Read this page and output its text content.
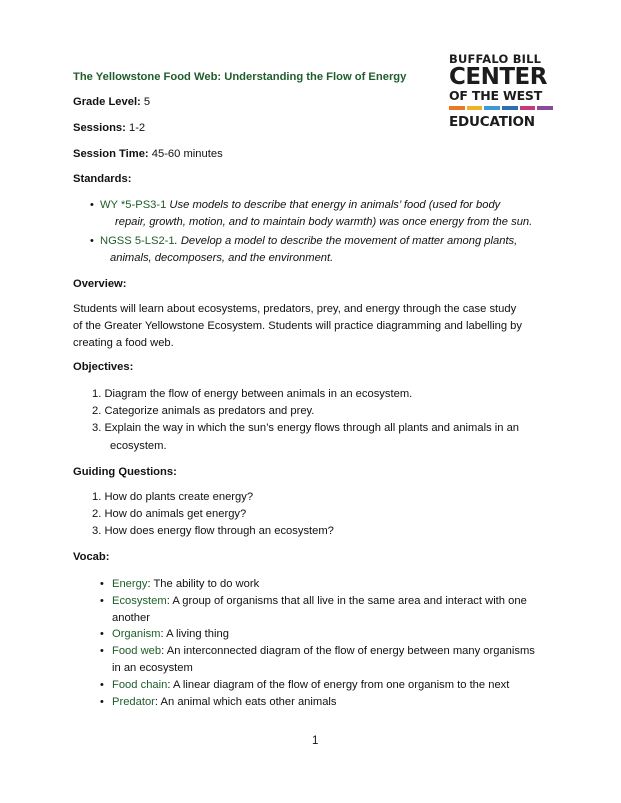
BUFFALO BILL
CENTER
OF THE WEST
EDUCATION
The Yellowstone Food Web: Understanding the Flow of Energy
Grade Level: 5
Sessions: 1-2
Session Time: 45-60 minutes
Standards:
• WY *5-PS3-1 Use models to describe that energy in animals’ food (used for body
repair, growth, motion, and to maintain body warmth) was once energy from the sun.
• NGSS 5-LS2-1. Develop a model to describe the movement of matter among plants,
animals, decomposers, and the environment.
Overview:
Students will learn about ecosystems, predators, prey, and energy through the case study
of the Greater Yellowstone Ecosystem. Students will practice diagramming and labelling by
creating a food web.
Objectives:
1. Diagram the flow of energy between animals in an ecosystem.
2. Categorize animals as predators and prey.
3. Explain the way in which the sun’s energy flows through all plants and animals in an
ecosystem.
Guiding Questions:
1. How do plants create energy?
2. How do animals get energy?
3. How does energy flow through an ecosystem?
Vocab:
• Energy: The ability to do work
• Ecosystem: A group of organisms that all live in the same area and interact with one
another
• Organism: A living thing
• Food web: An interconnected diagram of the flow of energy between many organisms
in an ecosystem
• Food chain: A linear diagram of the flow of energy from one organism to the next
• Predator: An animal which eats other animals
1
